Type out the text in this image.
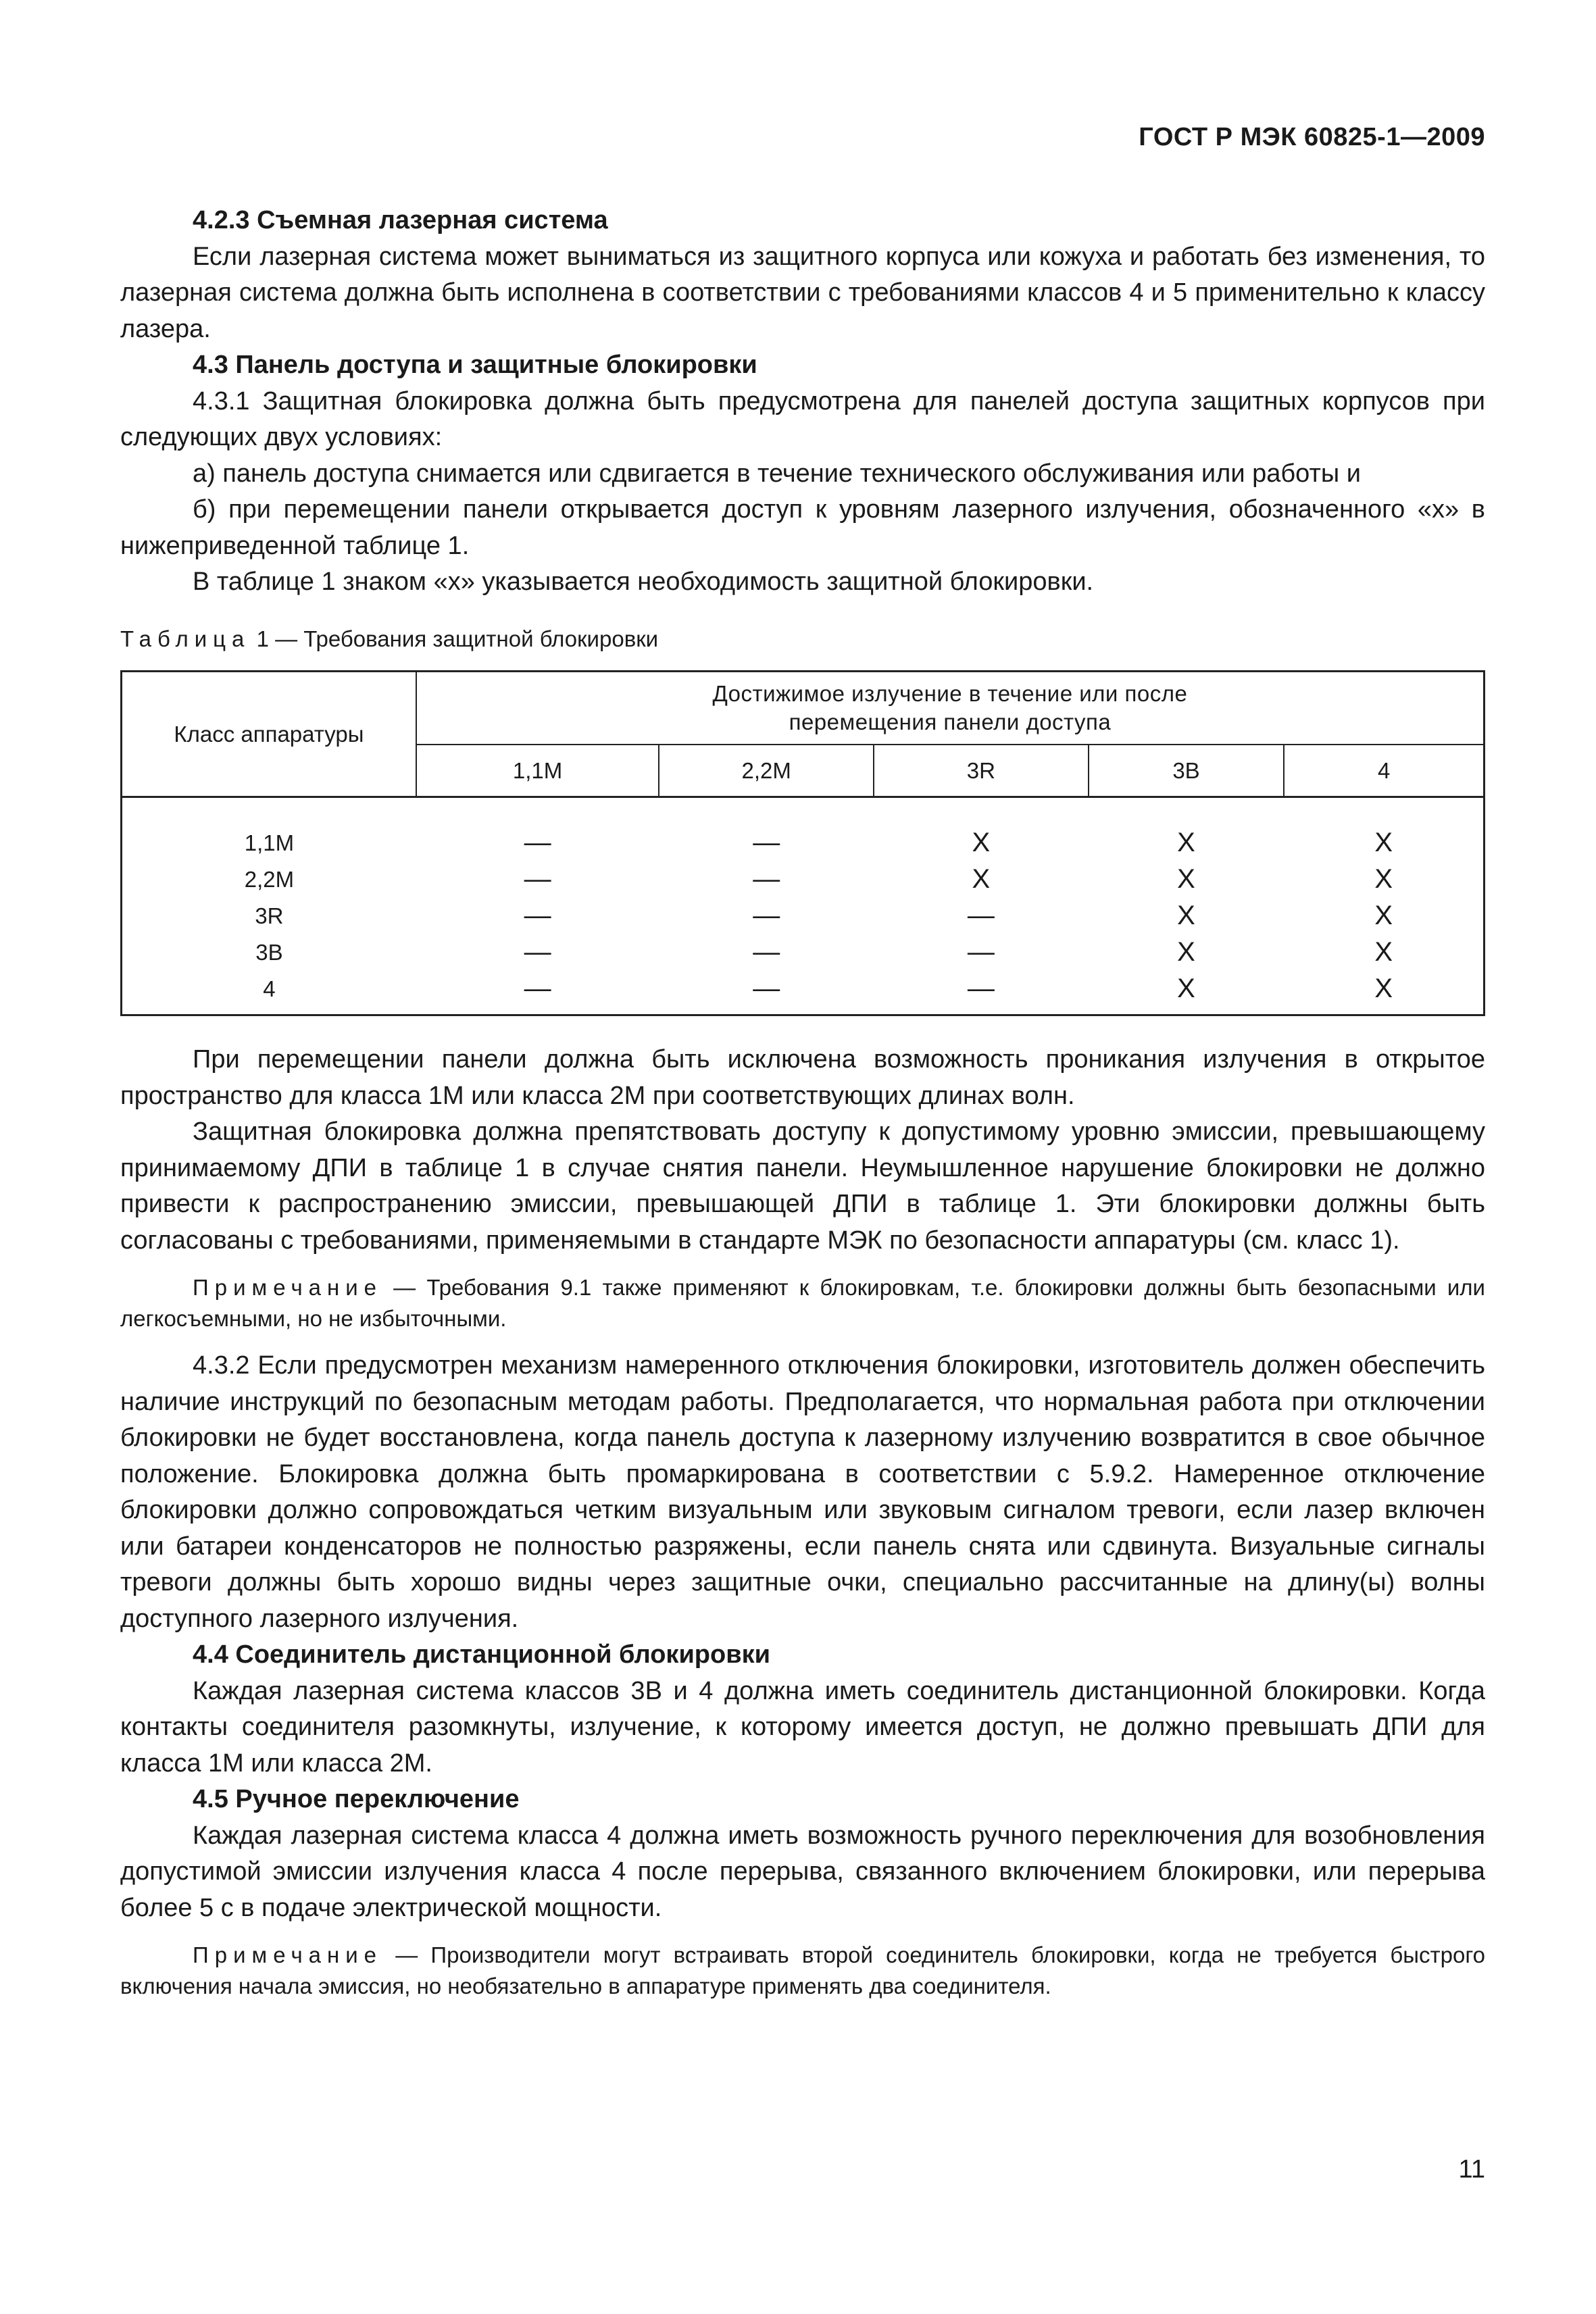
ГОСТ Р МЭК 60825-1—2009

4.2.3 Съемная лазерная система

Если лазерная система может выниматься из защитного корпуса или кожуха и работать без изменения, то лазерная система должна быть исполнена в соответствии с требованиями классов 4 и 5 применительно к классу лазера.

4.3 Панель доступа и защитные блокировки

4.3.1 Защитная блокировка должна быть предусмотрена для панелей доступа защитных корпусов при следующих двух условиях:

а) панель доступа снимается или сдвигается в течение технического обслуживания или работы и

б) при перемещении панели открывается доступ к уровням лазерного излучения, обозначенного «х» в нижеприведенной таблице 1.

В таблице 1 знаком «х» указывается необходимость защитной блокировки.

Таблица 1 — Требования защитной блокировки
Класс аппаратуры	Достижимое излучение в течение или после перемещения панели доступа				

	1,1M	2,2M	3R	3B	4

1,1M	—	—	X	X	X
2,2M	—	—	X	X	X
3R	—	—	—	X	X
3B	—	—	—	X	X
4	—	—	—	X	X

При перемещении панели должна быть исключена возможность проникания излучения в открытое пространство для класса 1М или класса 2М при соответствующих длинах волн.

Защитная блокировка должна препятствовать доступу к допустимому уровню эмиссии, превышающему принимаемому ДПИ в таблице 1 в случае снятия панели. Неумышленное нарушение блокировки не должно привести к распространению эмиссии, превышающей ДПИ в таблице 1. Эти блокировки должны быть согласованы с требованиями, применяемыми в стандарте МЭК по безопасности аппаратуры (см. класс 1).

Примечание — Требования 9.1 также применяют к блокировкам, т.е. блокировки должны быть безопасными или легкосъемными, но не избыточными.

4.3.2 Если предусмотрен механизм намеренного отключения блокировки, изготовитель должен обеспечить наличие инструкций по безопасным методам работы. Предполагается, что нормальная работа при отключении блокировки не будет восстановлена, когда панель доступа к лазерному излучению возвратится в свое обычное положение. Блокировка должна быть промаркирована в соответствии с 5.9.2. Намеренное отключение блокировки должно сопровождаться четким визуальным или звуковым сигналом тревоги, если лазер включен или батареи конденсаторов не полностью разряжены, если панель снята или сдвинута. Визуальные сигналы тревоги должны быть хорошо видны через защитные очки, специально рассчитанные на длину(ы) волны доступного лазерного излучения.

4.4 Соединитель дистанционной блокировки

Каждая лазерная система классов 3В и 4 должна иметь соединитель дистанционной блокировки. Когда контакты соединителя разомкнуты, излучение, к которому имеется доступ, не должно превышать ДПИ для класса 1М или класса 2М.

4.5 Ручное переключение

Каждая лазерная система класса 4 должна иметь возможность ручного переключения для возобновления допустимой эмиссии излучения класса 4 после перерыва, связанного включением блокировки, или перерыва более 5 с в подаче электрической мощности.

Примечание — Производители могут встраивать второй соединитель блокировки, когда не требуется быстрого включения начала эмиссия, но необязательно в аппаратуре применять два соединителя.

11
